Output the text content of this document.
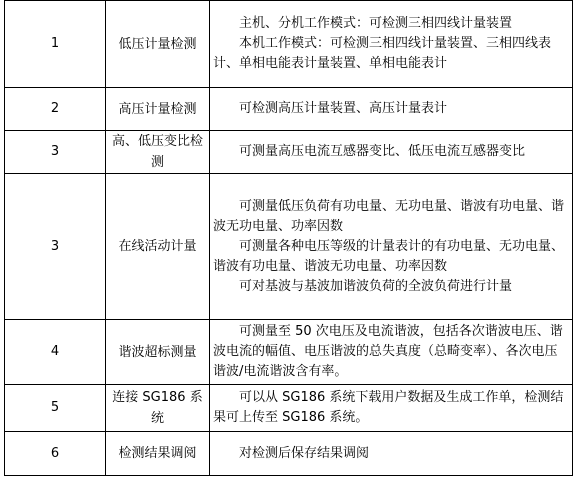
1	低压计量检测	主机、分机工作模式：可检测三相四线计量装置

本机工作模式：可检测三相四线计量装置、三相四线表计、单相电能表计量装置、单相电能表计

2	高压计量检测	可检测高压计量装置、高压计量表计

3	高、低压变比检测	可测量高压电流互感器变比、低压电流互感器变比

3	在线活动计量	可测量低压负荷有功电量、无功电量、谐波有功电量、谐波无功电量、功率因数

可测量各种电压等级的计量表计的有功电量、无功电量、谐波有功电量、谐波无功电量、功率因数

可对基波与基波加谐波负荷的全波负荷进行计量

4	谐波超标测量	可测量至 50 次电压及电流谐波，包括各次谐波电压、谐波电流的幅值、电压谐波的总失真度（总畸变率）、各次电压谐波/电流谐波含有率。

5	连接 SG186 系统	可以从 SG186 系统下载用户数据及生成工作单，检测结果可上传至 SG186 系统。

6	检测结果调阅	对检测后保存结果调阅
